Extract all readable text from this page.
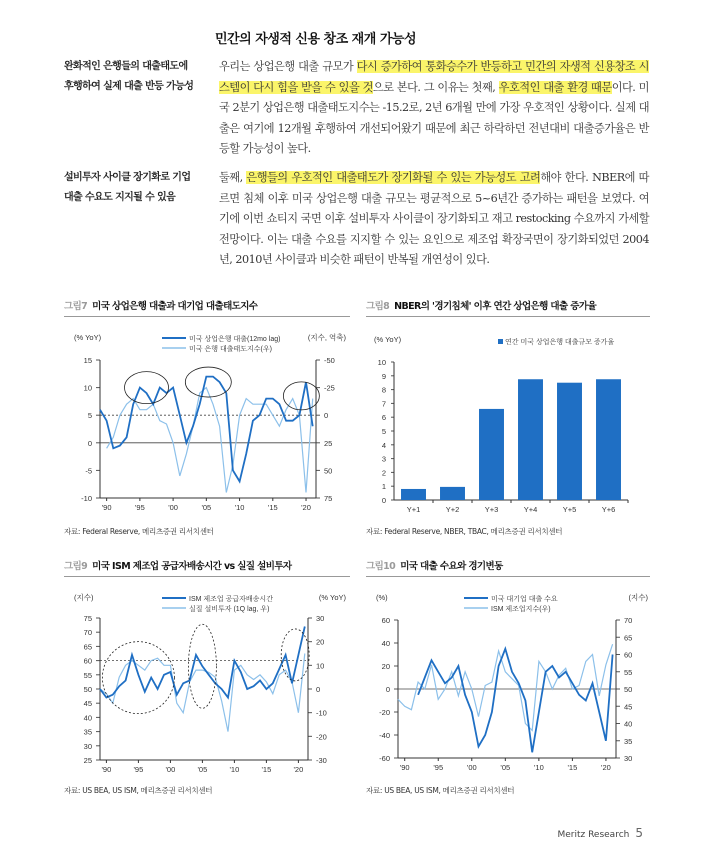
민간의 자생적 신용 창조 재개 가능성
완화적인 은행들의 대출태도에
후행하여 실제 대출 반등 가능성
우리는 상업은행 대출 규모가 다시 증가하여 통화승수가 반등하고 민간의 자생적 신용창조 시스템이 다시 힘을 받을 수 있을 것으로 본다. 그 이유는 첫째, 우호적인 대출 환경 때문이다. 미국 2분기 상업은행 대출태도지수는 -15.2로, 2년 6개월 만에 가장 우호적인 상황이다. 실제 대출은 여기에 12개월 후행하여 개선되어왔기 때문에 최근 하락하던 전년대비 대출증가율은 반등할 가능성이 높다.
설비투자 사이클 장기화로 기업
대출 수요도 지지될 수 있음
둘째, 은행들의 우호적인 대출태도가 장기화될 수 있는 가능성도 고려해야 한다. NBER에 따르면 침체 이후 미국 상업은행 대출 규모는 평균적으로 5~6년간 증가하는 패턴을 보였다. 여기에 이번 쇼티지 국면 이후 설비투자 사이클이 장기화되고 재고 restocking 수요까지 가세할 전망이다. 이는 대출 수요를 지지할 수 있는 요인으로 제조업 확장국면이 장기화되었던 2004년, 2010년 사이클과 비슷한 패턴이 반복될 개연성이 있다.
그림7 미국 상업은행 대출과 대기업 대출태도지수
(% YoY)	(지수, 역축)
미국 상업은행 대출(12mo lag)
미국 은행 대출태도지수(우)
15
10
5
0
-5
-10
-50
-25
0
25
50
75
'90	'95	'00	'05	'10	'15	'20
자료: Federal Reserve, 메리츠증권 리서치센터
그림8 NBER의 '경기침체' 이후 연간 상업은행 대출 증가율
(% YoY)	연간 미국 상업은행 대출규모 증가율
10
9
8
7
6
5
4
3
2
1
0
Y+1	Y+2	Y+3	Y+4	Y+5	Y+6
자료: Federal Reserve, NBER, TBAC, 메리츠증권 리서치센터
그림9 미국 ISM 제조업 공급자배송시간 vs 실질 설비투자
(지수)	(% YoY)
ISM 제조업 공급자배송시간
실질 설비투자 (1Q lag, 우)
75
70
65
60
55
50
45
40
35
30
25
30
20
10
0
-10
-20
-30
'90	'95	'00	'05	'10	'15	'20
자료: US BEA, US ISM, 메리츠증권 리서치센터
그림10 미국 대출 수요와 경기변동
(%)	(지수)
미국 대기업 대출 수요
ISM 제조업지수(우)
60
40
20
0
-20
-40
-60
70
65
60
55
50
45
40
35
30
'90	'95	'00	'05	'10	'15	'20
자료: US BEA, US ISM, 메리츠증권 리서치센터
Meritz Research 5
